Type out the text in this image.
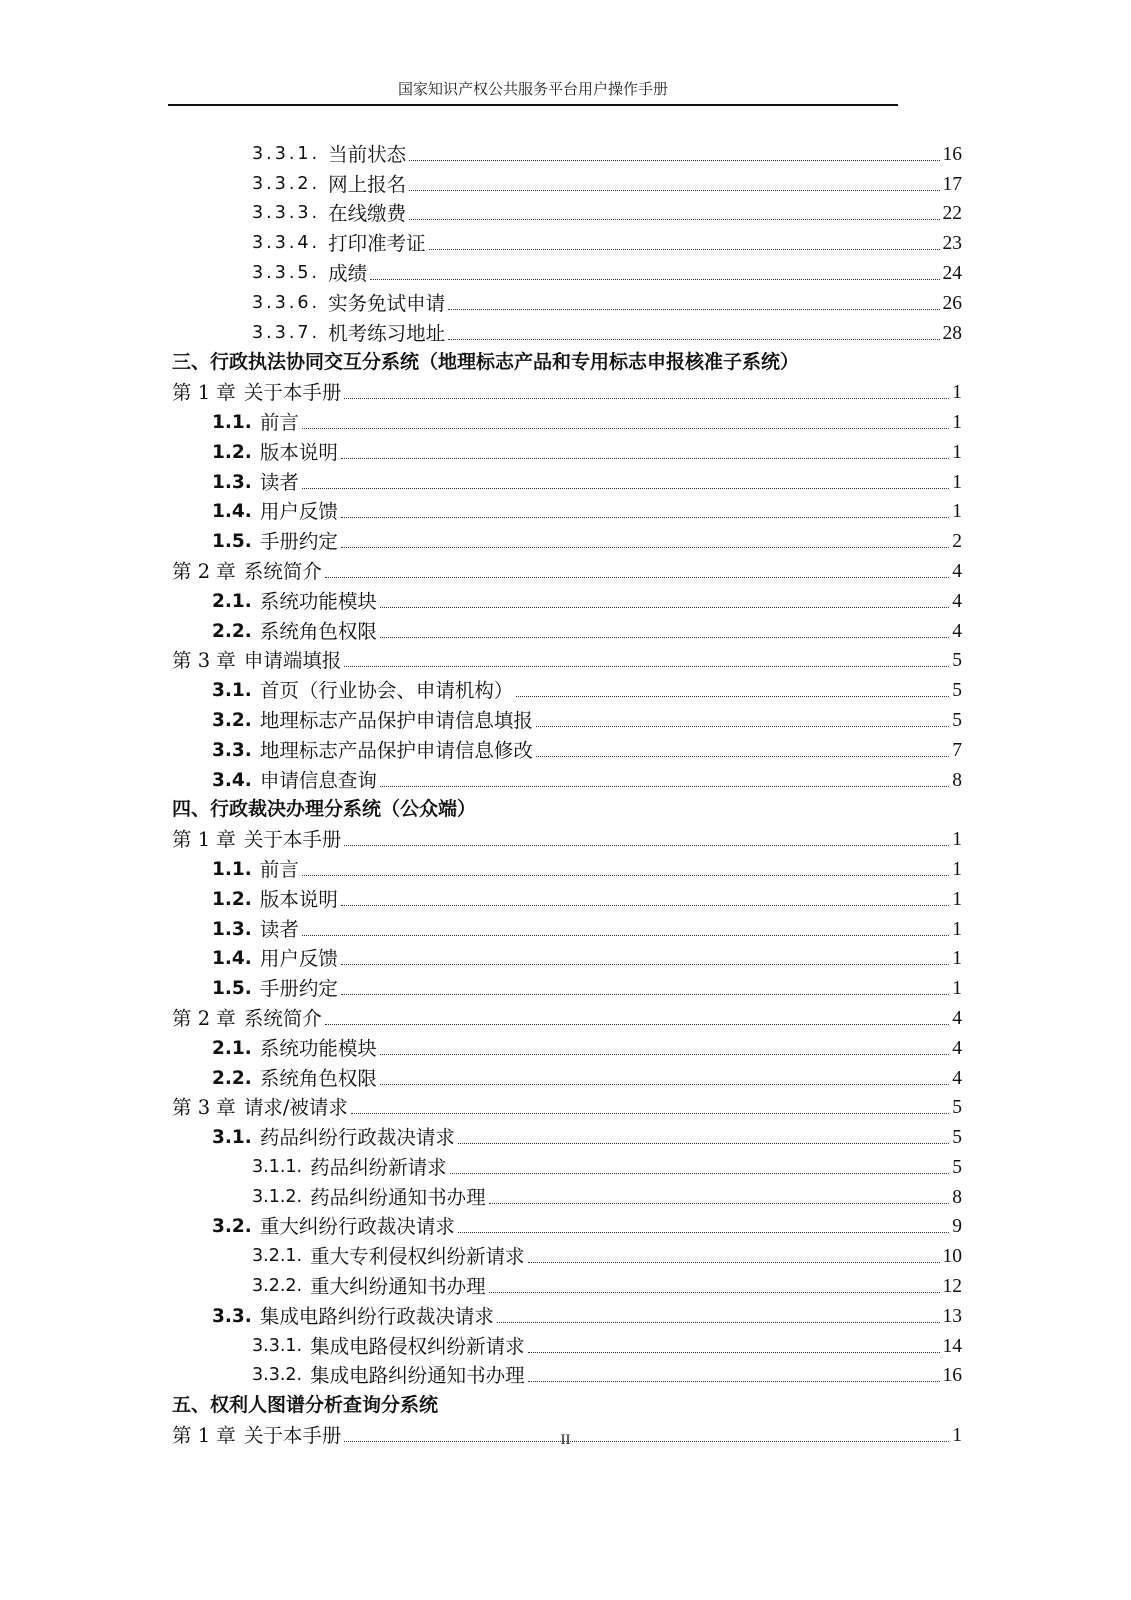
国家知识产权公共服务平台用户操作手册
3.3.1. 当前状态	16
3.3.2. 网上报名	17
3.3.3. 在线缴费	22
3.3.4. 打印准考证	23
3.3.5. 成绩	24
3.3.6. 实务免试申请	26
3.3.7. 机考练习地址	28
三、行政执法协同交互分系统（地理标志产品和专用标志申报核准子系统）
第 1 章 关于本手册	1
1.1. 前言	1
1.2. 版本说明	1
1.3. 读者	1
1.4. 用户反馈	1
1.5. 手册约定	2
第 2 章 系统简介	4
2.1. 系统功能模块	4
2.2. 系统角色权限	4
第 3 章 申请端填报	5
3.1. 首页（行业协会、申请机构）	5
3.2. 地理标志产品保护申请信息填报	5
3.3. 地理标志产品保护申请信息修改	7
3.4. 申请信息查询	8
四、行政裁决办理分系统（公众端）
第 1 章 关于本手册	1
1.1. 前言	1
1.2. 版本说明	1
1.3. 读者	1
1.4. 用户反馈	1
1.5. 手册约定	1
第 2 章 系统简介	4
2.1. 系统功能模块	4
2.2. 系统角色权限	4
第 3 章 请求/被请求	5
3.1. 药品纠纷行政裁决请求	5
3.1.1. 药品纠纷新请求	5
3.1.2. 药品纠纷通知书办理	8
3.2. 重大纠纷行政裁决请求	9
3.2.1. 重大专利侵权纠纷新请求	10
3.2.2. 重大纠纷通知书办理	12
3.3. 集成电路纠纷行政裁决请求	13
3.3.1. 集成电路侵权纠纷新请求	14
3.3.2. 集成电路纠纷通知书办理	16
五、权利人图谱分析查询分系统
第 1 章 关于本手册	1
II
